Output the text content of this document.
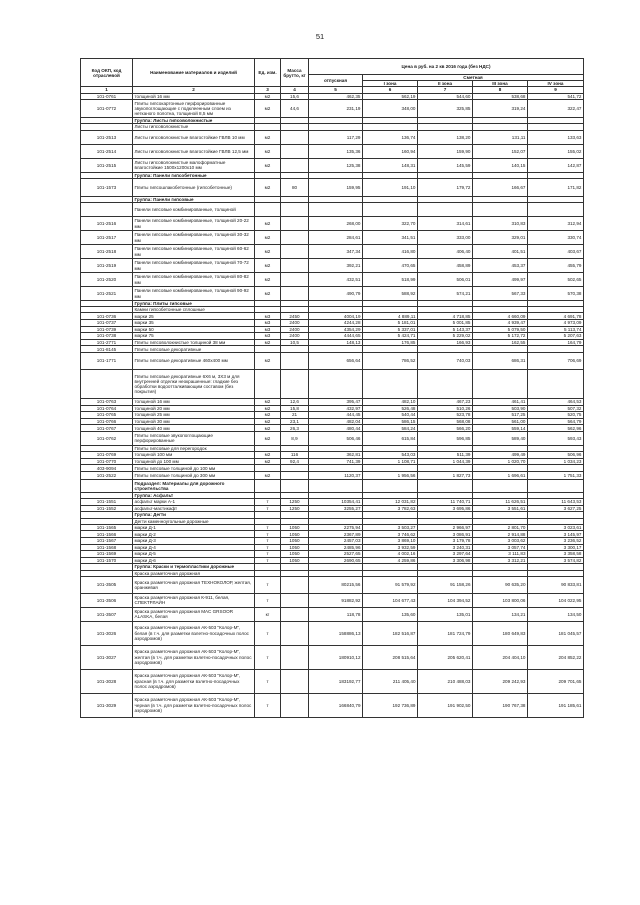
51
Код ОКП, код отраслевой	Наименование материалов и изделий	Ед. изм.	Масса брутто, кг	Цена в руб. на 2 кв 2016 года (без НДС)				
				отпускная	Сметная			
					I зона	II зона	III зона	IV зона
1	2	3	4	5	6	7	8	9
101-0761	толщиной 16 мм	м2	15,6	462,35	562,19	544,60	538,68	541,72
101-0772	Плиты гипсокартонные перфорированные звукопоглощающие с подклеенным слоем из нетканого полотна, толщиной 8,5 мм	м2	44,6	231,19	348,00	325,85	319,24	322,47
	Группа: Листы гипсоволокнистые							
	Листы гипсоволокнистые							
101-2513	Листы гипсоволокнистые влагостойкие ГВЛВ 10 мм	м2		117,29	136,74	138,20	131,11	133,63
101-2514	Листы гипсоволокнистые влагостойкие ГВЛВ 12,5 мм	м2		135,36	160,94	159,90	152,07	155,02
101-2515	Листы гипсоволокнистые малоформатные влагостойкие 1500х1200х10 мм	м2		125,38	148,31	145,59	140,15	142,87
	Группа: Панели гипсобетонные							
101-1573	Плиты гипсошлакобетонные (гипсобетонные)	м2	80	159,95	191,10	179,72	166,67	171,82
	Группа: Панели гипсовые							
	Панели гипсовые комбинированные, толщиной							
101-2516	Панели гипсовые комбинированные, толщиной 20-22 мм	м2		268,00	322,70	314,61	310,83	312,94
101-2517	Панели гипсовые комбинированные, толщиной 30-32 мм	м2		284,61	341,51	333,00	329,01	330,74
101-2518	Панели гипсовые комбинированные, толщиной 60-62 мм	м2		347,34	416,80	406,40	401,51	403,67
101-2519	Панели гипсовые комбинированные, толщиной 70-72 мм	м2		392,21	470,65	458,89	453,37	455,79
101-2520	Панели гипсовые комбинированные, толщиной 80-82 мм	м2		432,51	518,99	506,01	499,97	502,65
101-2521	Панели гипсовые комбинированные, толщиной 90-92 мм	м2		490,79	588,92	574,21	567,33	570,38
	Группа: Плиты гипсовые							
	Камни гипсобетонные сплошные							
101-0736	марки 25	м3	2450	4004,19	4 889,11	4 718,85	4 660,09	4 691,78
101-0737	марки 35	м3	2400	4244,28	5 181,01	5 001,85	4 939,47	4 973,09
101-0739	марки 50	м3	2400	4354,29	5 337,01	5 143,37	5 079,50	5 113,74
101-0738	марки 75	м3	2400	4444,65	5 424,71	5 229,02	5 172,72	5 207,63
101-2771	Плиты гипсоволокнистые толщиной 38 мм	м2	10,5	148,13	176,85	166,93	162,55	164,79
101-8145	Плиты гипсовые декоративные							
101-1771	Плиты гипсовые декоративные 460х400 мм	м2		656,64	786,52	740,03	686,31	706,69
	Плиты гипсовые декоративные 6Х6 м, 3Х3 м для внутренней отделки неокрашенные: гладкие без обработки водоотталкивающим составом (без покрытия)							
101-0763	толщиной 16 мм	м2	12,6	395,47	482,10	467,23	461,41	464,53
101-0764	толщиной 20 мм	м2	15,8	432,97	526,48	510,26	503,90	507,32
101-0765	толщиной 25 мм	м2	21	444,45	540,44	523,78	517,25	520,75
101-0766	толщиной 30 мм	м2	23,1	482,04	586,15	568,08	561,00	564,79
101-0767	толщиной 40 мм	м2	26,3	480,44	584,24	566,20	559,14	562,96
101-0762	Плиты гипсовые звукопоглощающие перфорированные	м2	8,9	506,46	615,84	596,85	589,40	593,43
	Плиты гипсовые для перегородок							
101-0769	толщиной 100 мм	м2	116	362,81	543,03	511,39	499,49	506,96
101-0770	толщиной до 100 мм	м2	92,4	741,39	1 108,71	1 044,39	1 020,70	1 034,23
403-9094	Плиты гипсовые толщиной до 100 мм							
101-2522	Плиты гипсовые толщиной до 300 мм	м2		1120,37	1 956,56	1 827,73	1 696,61	1 751,33
	Подраздел: Материалы для дорожного строительства							
	Группа: Асфальт							
101-1551	асфальт марки А-1	т	1250	10354,41	12 031,82	11 740,71	11 626,51	11 643,53
101-1552	асфальт-мастикафт	т	1250	3255,27	3 782,63	3 695,86	3 551,61	3 627,25
	Группа: Дегти							
	Дегти каменноугольные дорожные							
101-1565	марки Д-1	т	1050	2275,94	3 503,27	2 966,97	2 801,70	3 023,61
101-1566	марки Д-2	т	1050	2367,89	3 746,62	3 086,91	2 914,88	3 145,97
101-1567	марки Д-3	т	1050	2457,03	3 869,10	3 179,78	3 003,62	3 236,52
101-1568	марки Д-4	т	1050	2485,96	3 932,59	3 240,31	3 057,74	3 300,17
101-1569	марки Д-5	т	1050	2527,65	4 002,16	3 297,64	3 111,83	3 358,58
101-1570	марки Д-6	т	1050	2690,65	4 259,86	3 306,98	3 312,21	3 574,82
	Группа: Краски и термопластики дорожные							
	Краска разметочная дорожная							
101-3505	Краска разметочная дорожная ТЕХНОКОЛОР, желтая, оранжевая	т		80215,56	91 579,92	91 158,26	90 635,20	90 833,81
101-3506	Краска разметочная дорожная К-911, белая, СПЕКТРЛАЙН	т		91882,92	104 677,43	104 394,52	103 800,06	104 022,95
101-3507	Краска разметочная дорожная МАС GRSOOR ALASKA, белая	кг		118,78	135,60	135,01	134,21	134,50
101-3026	Краска разметочная дорожная АК-503 "Колор-М", белая (в т.ч. для разметки взлетно-посадочных полос аэродромов)	т		158886,13	182 516,87	181 724,79	180 649,83	181 045,57
101-3027	Краска разметочная дорожная АК-503 "Колор-М", желтая (в т.ч. для разметки взлетно-посадочных полос аэродромов)	т		180910,12	208 515,64	205 620,41	204 404,10	204 852,22
101-3028	Краска разметочная дорожная АК-503 "Колор-М", красная (в т.ч. для разметки взлетно-посадочных полос аэродромов)	т		183192,77	211 405,40	210 488,03	209 242,93	209 701,65
101-3029	Краска разметочная дорожная АК-503 "Колор-М", черная (в т.ч. для разметки взлетно-посадочных полос аэродромов)	т		166840,79	192 736,89	191 902,50	190 767,38	191 185,61
